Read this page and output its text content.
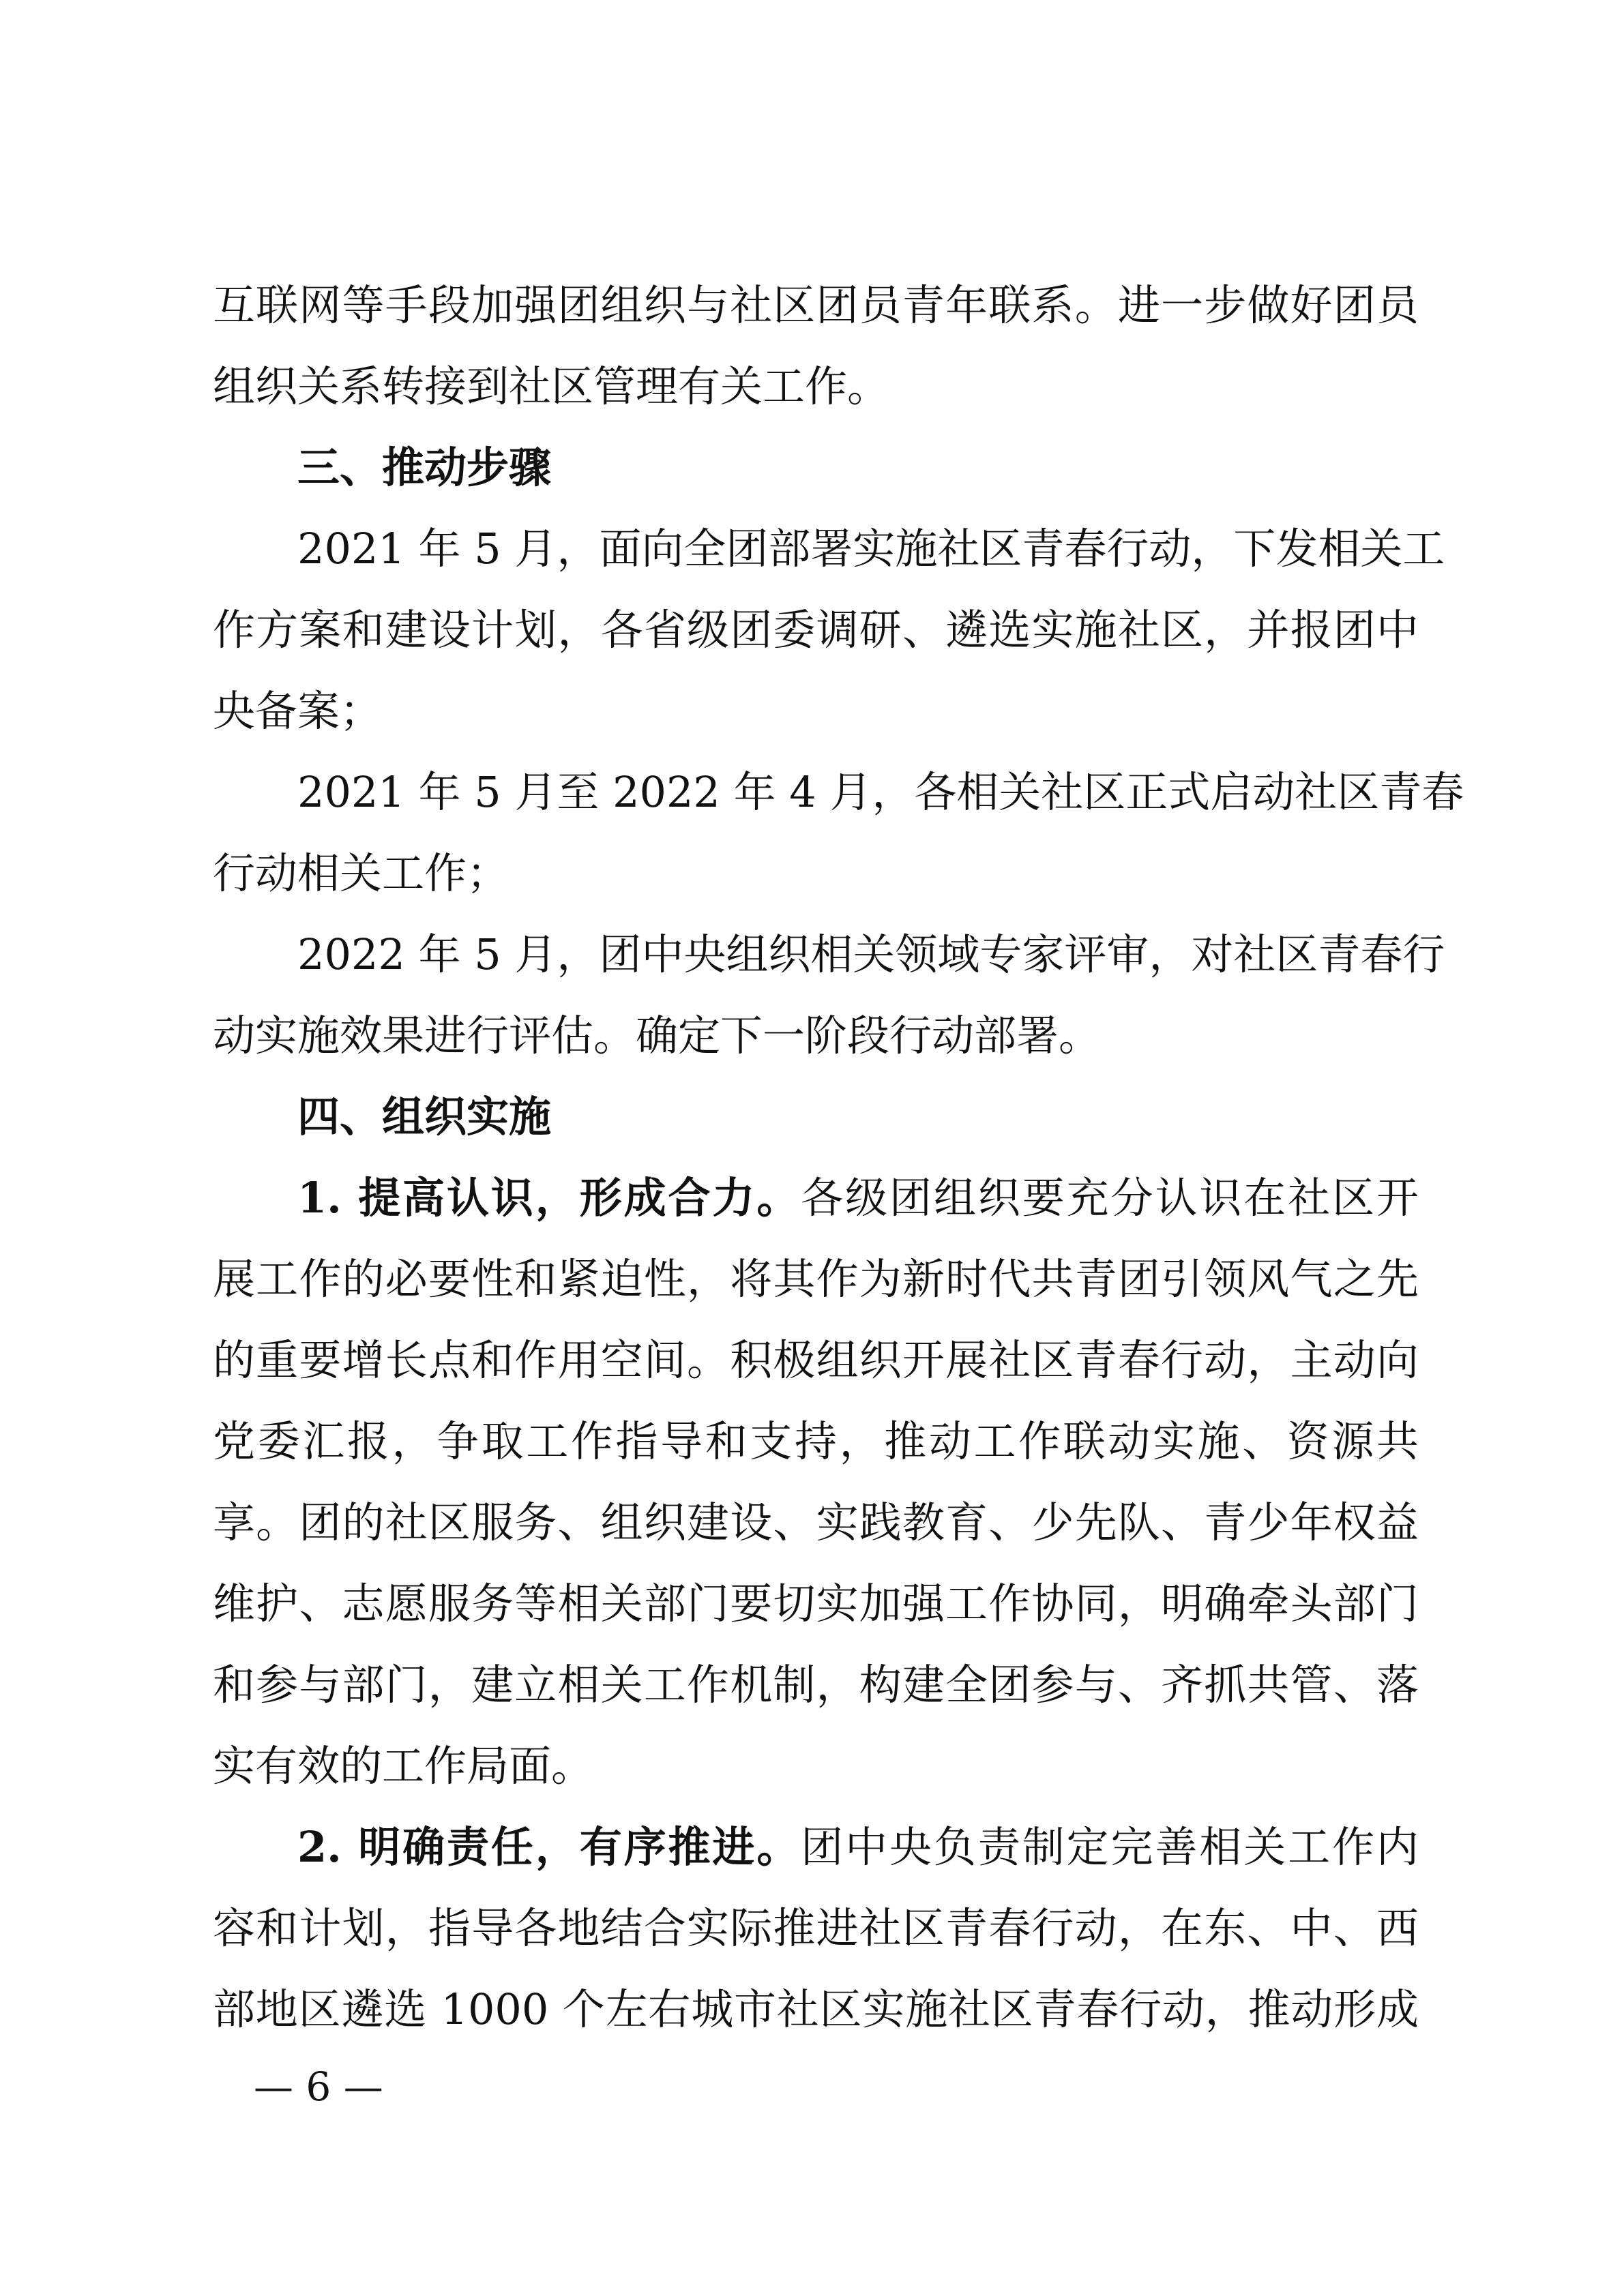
互联网等手段加强团组织与社区团员青年联系。进一步做好团员
组织关系转接到社区管理有关工作。
三、推动步骤
2021 年 5 月，面向全团部署实施社区青春行动，下发相关工
作方案和建设计划，各省级团委调研、遴选实施社区，并报团中
央备案；
2021 年 5 月至 2022 年 4 月，各相关社区正式启动社区青春
行动相关工作；
2022 年 5 月，团中央组织相关领域专家评审，对社区青春行
动实施效果进行评估。确定下一阶段行动部署。
四、组织实施
1. 提高认识，形成合力。各级团组织要充分认识在社区开
展工作的必要性和紧迫性，将其作为新时代共青团引领风气之先
的重要增长点和作用空间。积极组织开展社区青春行动，主动向
党委汇报，争取工作指导和支持，推动工作联动实施、资源共
享。团的社区服务、组织建设、实践教育、少先队、青少年权益
维护、志愿服务等相关部门要切实加强工作协同，明确牵头部门
和参与部门，建立相关工作机制，构建全团参与、齐抓共管、落
实有效的工作局面。
2. 明确责任，有序推进。团中央负责制定完善相关工作内
容和计划，指导各地结合实际推进社区青春行动，在东、中、西
部地区遴选 1000 个左右城市社区实施社区青春行动，推动形成
— 6 —
